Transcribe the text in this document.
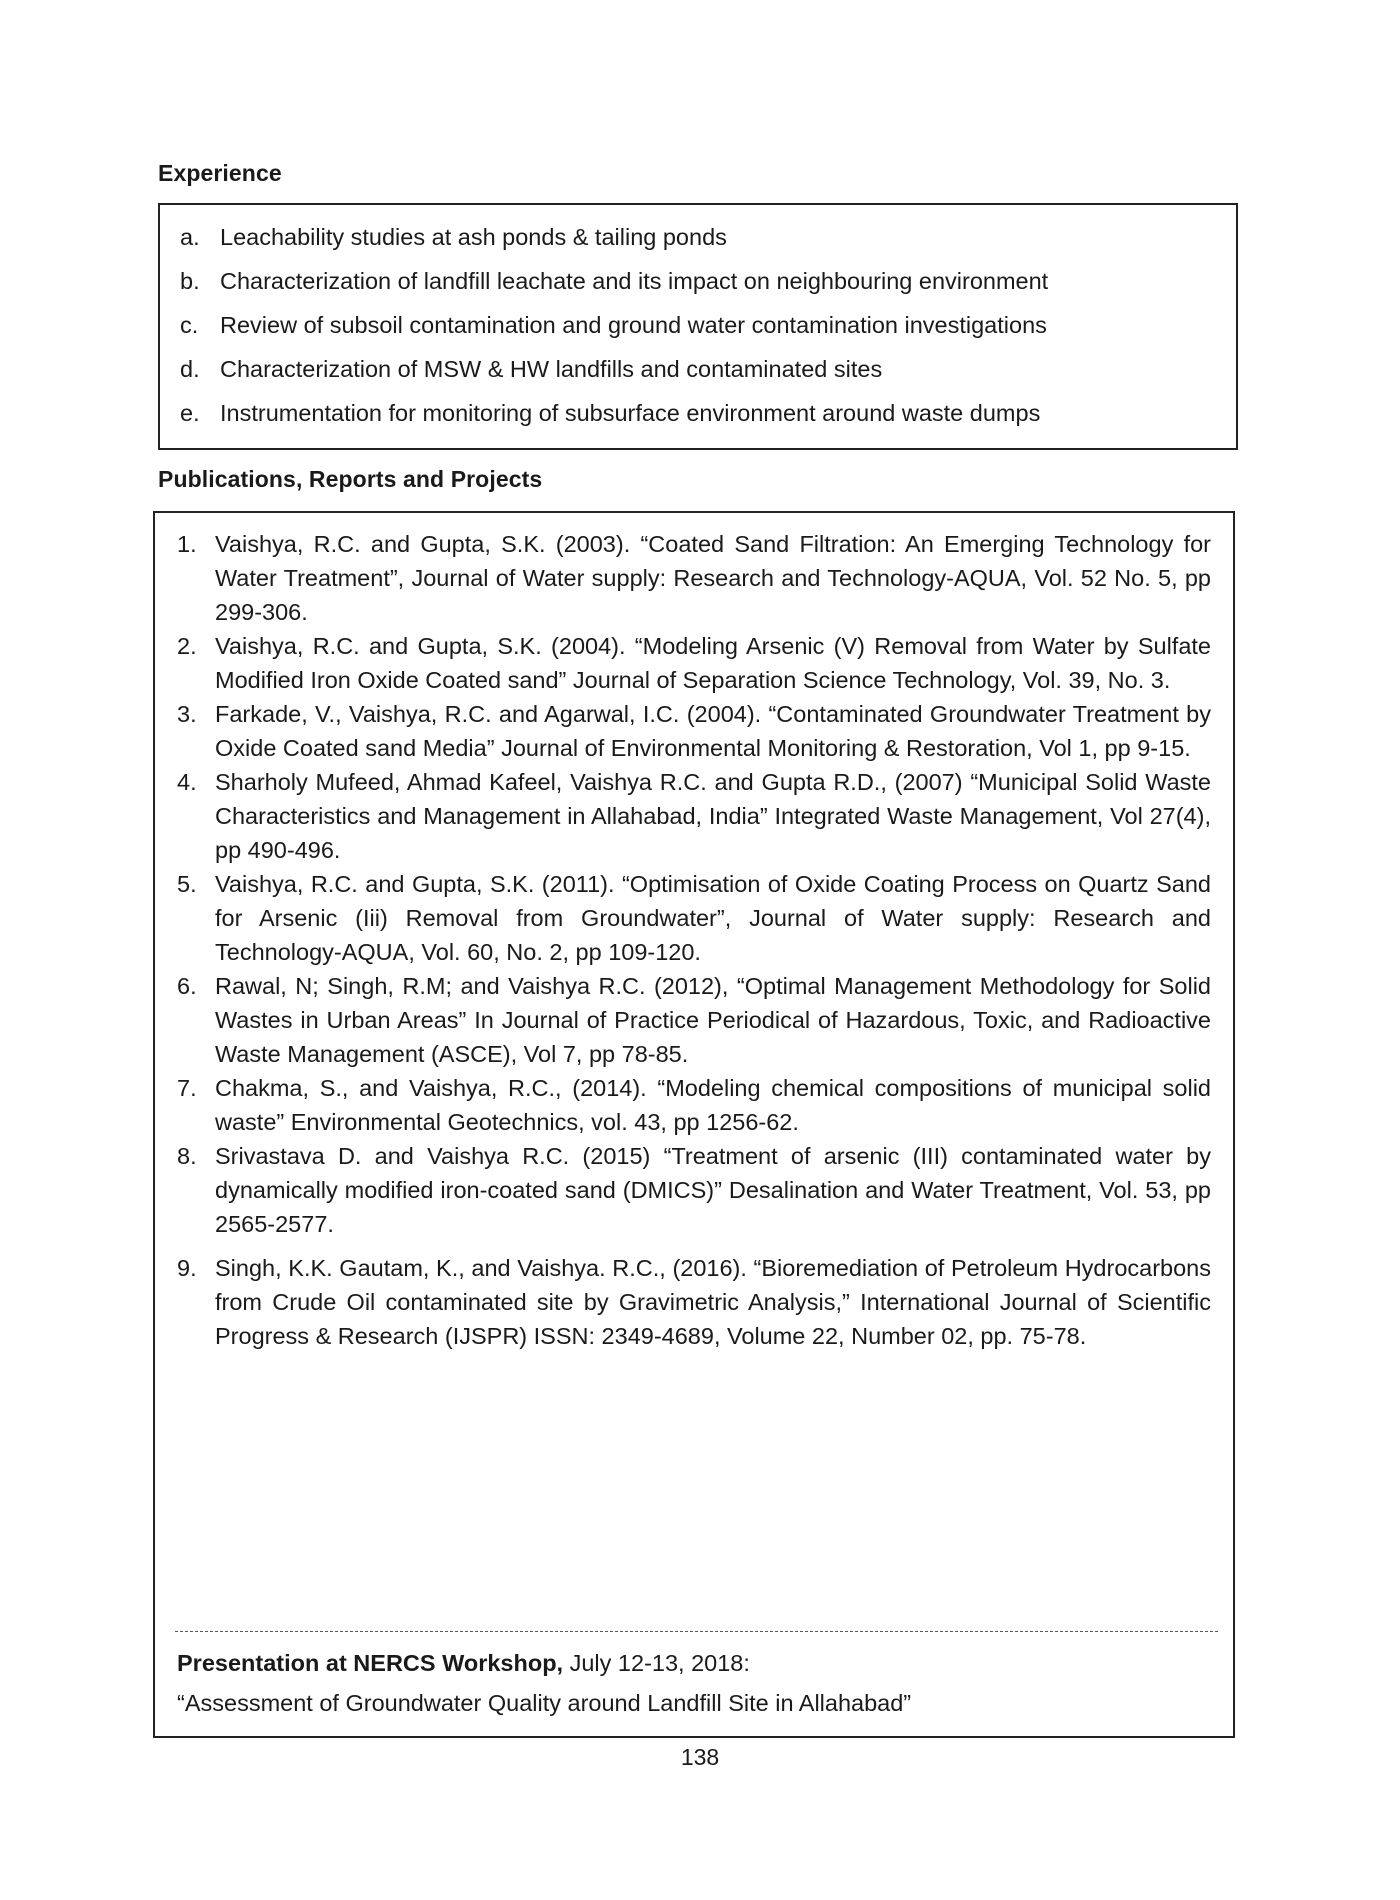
Experience
a. Leachability studies at ash ponds & tailing ponds
b. Characterization of landfill leachate and its impact on neighbouring environment
c. Review of subsoil contamination and ground water contamination investigations
d. Characterization of MSW & HW landfills and contaminated sites
e. Instrumentation for monitoring of subsurface environment around waste dumps
Publications, Reports and Projects
1. Vaishya, R.C. and Gupta, S.K. (2003). “Coated Sand Filtration: An Emerging Technology for Water Treatment”, Journal of Water supply: Research and Technology-AQUA, Vol. 52 No. 5, pp 299-306.
2. Vaishya, R.C. and Gupta, S.K. (2004). “Modeling Arsenic (V) Removal from Water by Sulfate Modified Iron Oxide Coated sand” Journal of Separation Science Technology, Vol. 39, No. 3.
3. Farkade, V., Vaishya, R.C. and Agarwal, I.C. (2004). “Contaminated Groundwater Treatment by Oxide Coated sand Media” Journal of Environmental Monitoring & Restoration, Vol 1, pp 9-15.
4. Sharholy Mufeed, Ahmad Kafeel, Vaishya R.C. and Gupta R.D., (2007) “Municipal Solid Waste Characteristics and Management in Allahabad, India” Integrated Waste Management, Vol 27(4), pp 490-496.
5. Vaishya, R.C. and Gupta, S.K. (2011). “Optimisation of Oxide Coating Process on Quartz Sand for Arsenic (Iii) Removal from Groundwater”, Journal of Water supply: Research and Technology-AQUA, Vol. 60, No. 2, pp 109-120.
6. Rawal, N; Singh, R.M; and Vaishya R.C. (2012), “Optimal Management Methodology for Solid Wastes in Urban Areas” In Journal of Practice Periodical of Hazardous, Toxic, and Radioactive Waste Management (ASCE), Vol 7, pp 78-85.
7. Chakma, S., and Vaishya, R.C., (2014). “Modeling chemical compositions of municipal solid waste” Environmental Geotechnics, vol. 43, pp 1256-62.
8. Srivastava D. and Vaishya R.C. (2015) “Treatment of arsenic (III) contaminated water by dynamically modified iron-coated sand (DMICS)” Desalination and Water Treatment, Vol. 53, pp 2565-2577.
9. Singh, K.K. Gautam, K., and Vaishya. R.C., (2016). “Bioremediation of Petroleum Hydrocarbons from Crude Oil contaminated site by Gravimetric Analysis,” International Journal of Scientific Progress & Research (IJSPR) ISSN: 2349-4689, Volume 22, Number 02, pp. 75-78.
Presentation at NERCS Workshop, July 12-13, 2018:
“Assessment of Groundwater Quality around Landfill Site in Allahabad”
138
